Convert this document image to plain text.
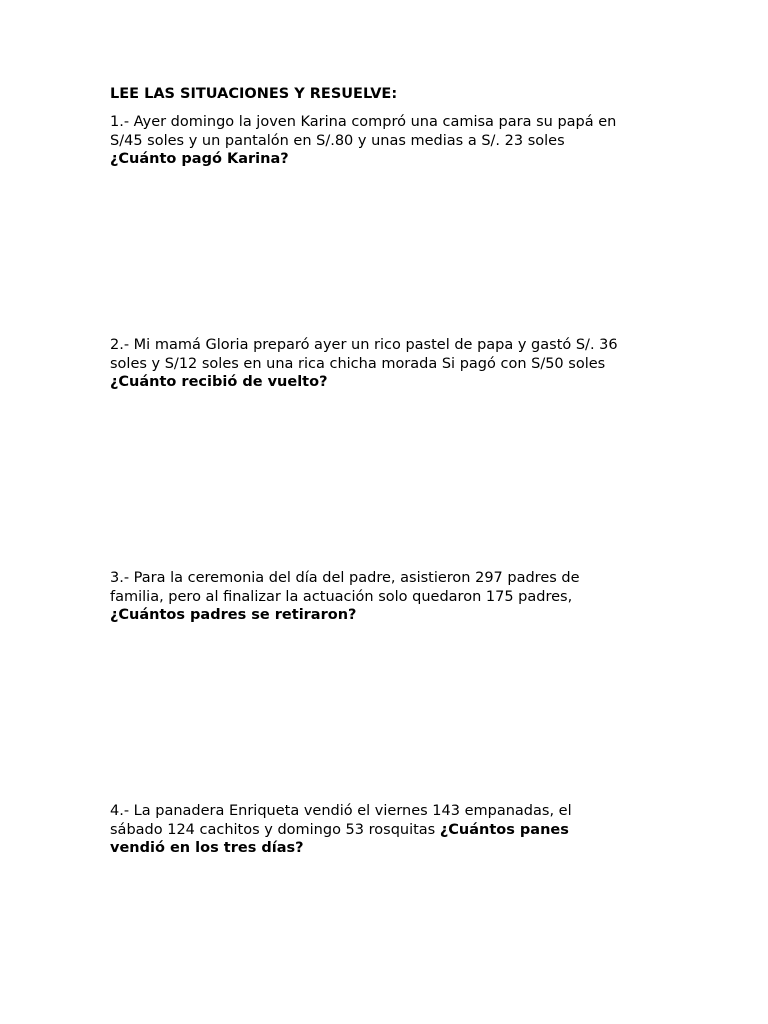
LEE LAS SITUACIONES Y RESUELVE:

1.- Ayer domingo la joven Karina compró una camisa para su papá en
S/45 soles y un pantalón en S/.80 y unas medias a S/. 23 soles
¿Cuánto pagó Karina?
2.- Mi mamá Gloria preparó ayer un rico pastel de papa y gastó S/. 36
soles y S/12 soles en una rica chicha morada Si pagó con S/50 soles
¿Cuánto recibió de vuelto?
3.- Para la ceremonia del día del padre, asistieron 297 padres de
familia, pero al finalizar la actuación solo quedaron 175 padres,
¿Cuántos padres se retiraron?
4.- La panadera Enriqueta vendió el viernes 143 empanadas, el
sábado 124 cachitos y domingo 53 rosquitas ¿Cuántos panes
vendió en los tres días?
